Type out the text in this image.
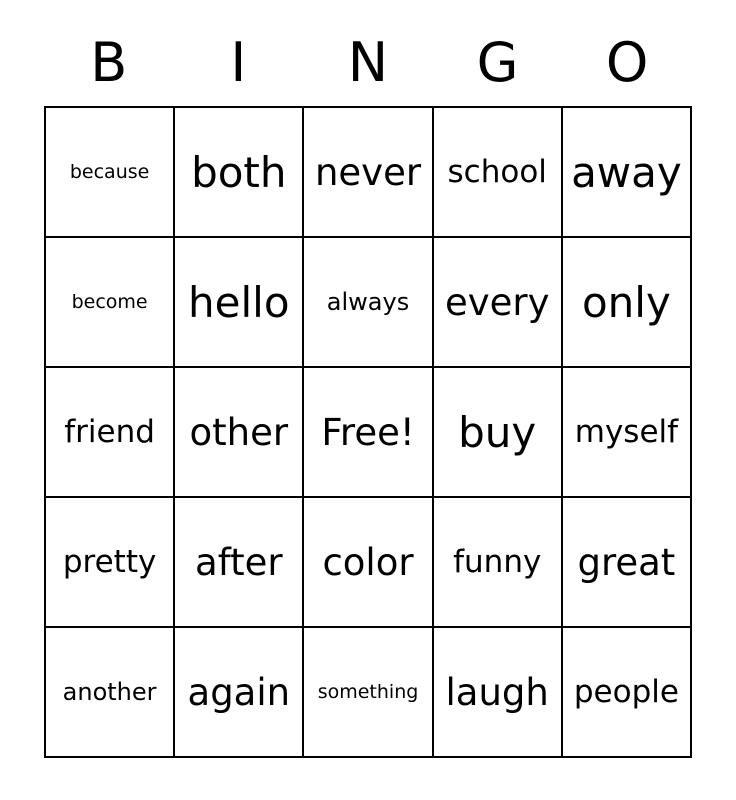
B	I	N	G	O
because both never school away
become hello always every only
friend other Free! buy myself
pretty after color funny great
another again something laugh people
